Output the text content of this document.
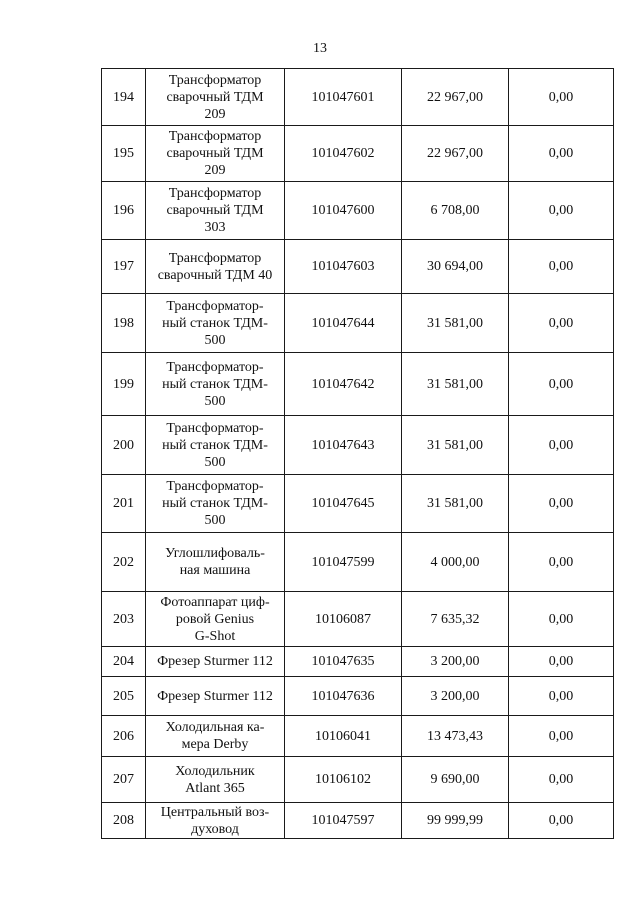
13
194	Трансформатор
сварочный ТДМ
209	101047601	22 967,00	0,00
195	Трансформатор
сварочный ТДМ
209	101047602	22 967,00	0,00
196	Трансформатор
сварочный ТДМ
303	101047600	6 708,00	0,00
197	Трансформатор
сварочный ТДМ 40	101047603	30 694,00	0,00
198	Трансформатор-
ный станок ТДМ-
500	101047644	31 581,00	0,00
199	Трансформатор-
ный станок ТДМ-
500	101047642	31 581,00	0,00
200	Трансформатор-
ный станок ТДМ-
500	101047643	31 581,00	0,00
201	Трансформатор-
ный станок ТДМ-
500	101047645	31 581,00	0,00
202	Углошлифоваль-
ная машина	101047599	4 000,00	0,00
203	Фотоаппарат циф-
ровой Genius
G-Shot	10106087	7 635,32	0,00
204	Фрезер Sturmer 112	101047635	3 200,00	0,00
205	Фрезер Sturmer 112	101047636	3 200,00	0,00
206	Холодильная ка-
мера Derby	10106041	13 473,43	0,00
207	Холодильник
Atlant 365	10106102	9 690,00	0,00
208	Центральный воз-
духовод	101047597	99 999,99	0,00
